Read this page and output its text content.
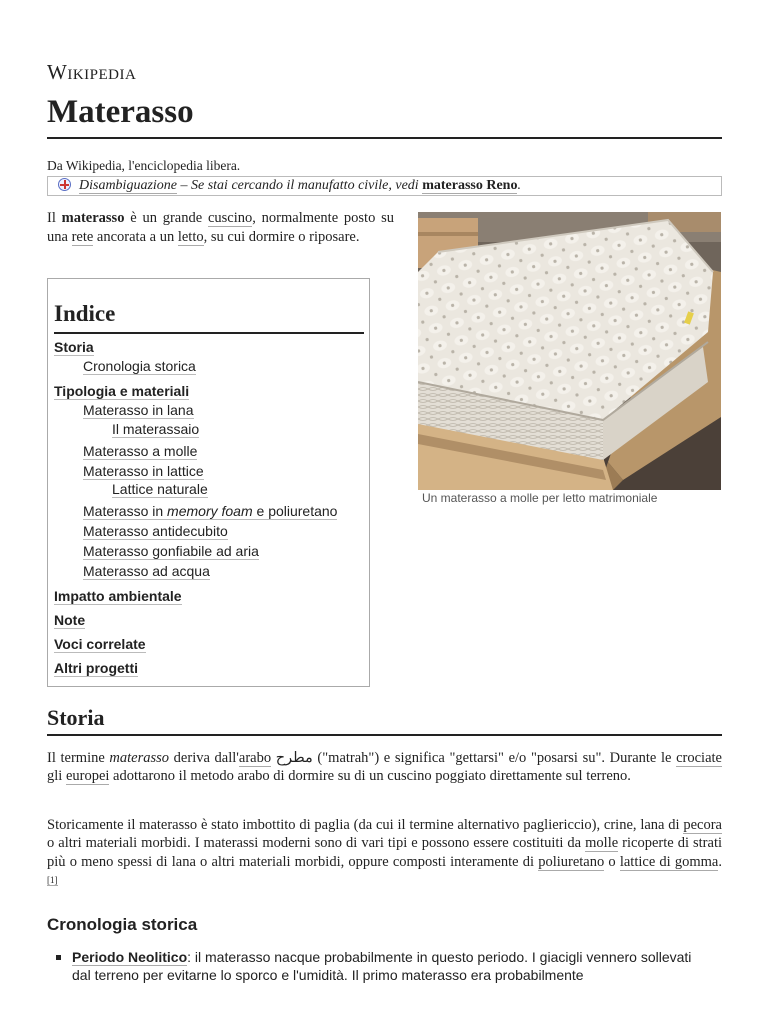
Wikipedia
Materasso
Da Wikipedia, l'enciclopedia libera.
Disambiguazione – Se stai cercando il manufatto civile, vedi materasso Reno.
Il materasso è un grande cuscino, normalmente posto su una rete ancorata a un letto, su cui dormire o riposare.
Un materasso a molle per letto matrimoniale
Indice
Storia
Cronologia storica
Tipologia e materiali
Materasso in lana
Il materassaio
Materasso a molle
Materasso in lattice
Lattice naturale
Materasso in memory foam e poliuretano
Materasso antidecubito
Materasso gonfiabile ad aria
Materasso ad acqua
Impatto ambientale
Note
Voci correlate
Altri progetti
Storia

Il termine materasso deriva dall'arabo مطرح ("matrah") e significa "gettarsi" e/o "posarsi su". Durante le crociate gli europei adottarono il metodo arabo di dormire su di un cuscino poggiato direttamente sul terreno.

Storicamente il materasso è stato imbottito di paglia (da cui il termine alternativo pagliericcio), crine, lana di pecora o altri materiali morbidi. I materassi moderni sono di vari tipi e possono essere costituiti da molle ricoperte di strati più o meno spessi di lana o altri materiali morbidi, oppure composti interamente di poliuretano o lattice di gomma.[1]

Cronologia storica
Periodo Neolitico: il materasso nacque probabilmente in questo periodo. I giacigli vennero sollevati dal terreno per evitarne lo sporco e l'umidità. Il primo materasso era probabilmente
